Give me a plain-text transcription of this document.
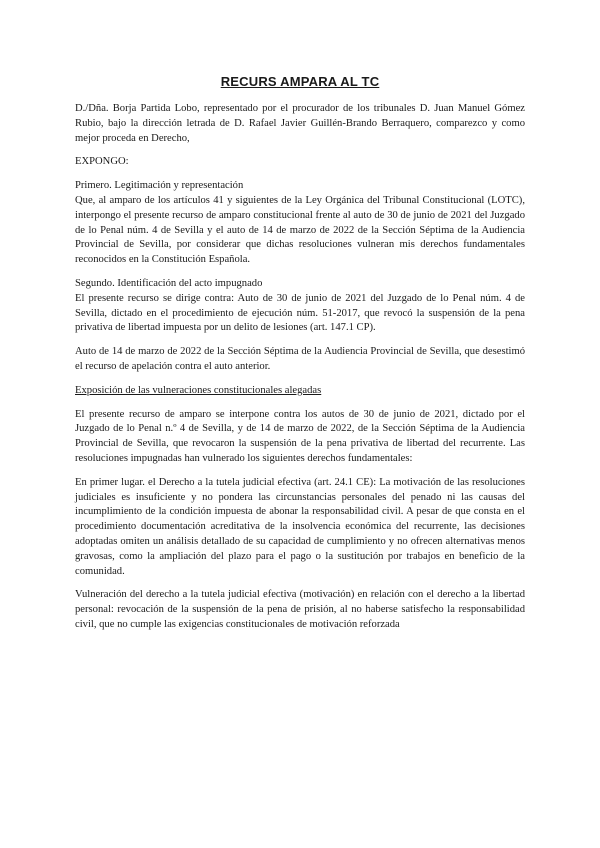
RECURS AMPARA AL TC

D./Dña. Borja Partida Lobo, representado por el procurador de los tribunales D. Juan Manuel Gómez Rubio, bajo la dirección letrada de D. Rafael Javier Guillén-Brando Berraquero, comparezco y como mejor proceda en Derecho,

EXPONGO:

Primero. Legitimación y representación

Que, al amparo de los artículos 41 y siguientes de la Ley Orgánica del Tribunal Constitucional (LOTC), interpongo el presente recurso de amparo constitucional frente al auto de 30 de junio de 2021 del Juzgado de lo Penal núm. 4 de Sevilla y el auto de 14 de marzo de 2022 de la Sección Séptima de la Audiencia Provincial de Sevilla, por considerar que dichas resoluciones vulneran mis derechos fundamentales reconocidos en la Constitución Española.

Segundo. Identificación del acto impugnado

El presente recurso se dirige contra: Auto de 30 de junio de 2021 del Juzgado de lo Penal núm. 4 de Sevilla, dictado en el procedimiento de ejecución núm. 51-2017, que revocó la suspensión de la pena privativa de libertad impuesta por un delito de lesiones (art. 147.1 CP).

Auto de 14 de marzo de 2022 de la Sección Séptima de la Audiencia Provincial de Sevilla, que desestimó el recurso de apelación contra el auto anterior.

Exposición de las vulneraciones constitucionales alegadas

El presente recurso de amparo se interpone contra los autos de 30 de junio de 2021, dictado por el Juzgado de lo Penal n.º 4 de Sevilla, y de 14 de marzo de 2022, de la Sección Séptima de la Audiencia Provincial de Sevilla, que revocaron la suspensión de la pena privativa de libertad del recurrente. Las resoluciones impugnadas han vulnerado los siguientes derechos fundamentales:

En primer lugar. el Derecho a la tutela judicial efectiva (art. 24.1 CE): La motivación de las resoluciones judiciales es insuficiente y no pondera las circunstancias personales del penado ni las causas del incumplimiento de la condición impuesta de abonar la responsabilidad civil. A pesar de que consta en el procedimiento documentación acreditativa de la insolvencia económica del recurrente, las decisiones adoptadas omiten un análisis detallado de su capacidad de cumplimiento y no ofrecen alternativas menos gravosas, como la ampliación del plazo para el pago o la sustitución por trabajos en beneficio de la comunidad.

Vulneración del derecho a la tutela judicial efectiva (motivación) en relación con el derecho a la libertad personal: revocación de la suspensión de la pena de prisión, al no haberse satisfecho la responsabilidad civil, que no cumple las exigencias constitucionales de motivación reforzada
